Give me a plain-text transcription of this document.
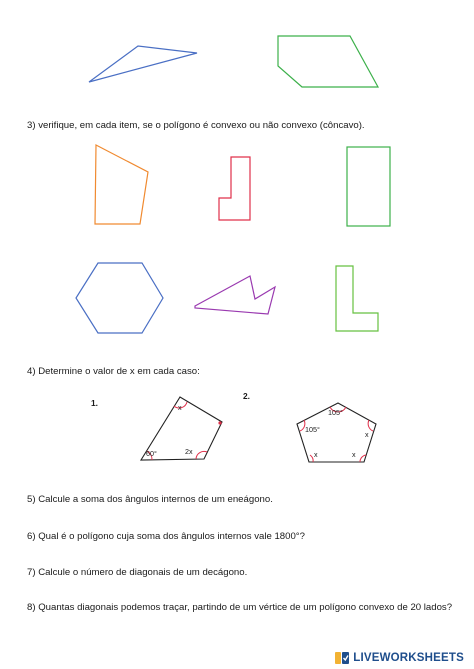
x
60°	2x
105°
105°
x
x	x
3) verifique, em cada item, se o polígono é convexo ou não convexo (côncavo).
4) Determine o valor de x em cada caso:
1.
2.
5) Calcule a soma dos ângulos internos de um eneágono.
6) Qual é o polígono cuja soma dos ângulos internos vale 1800°?
7) Calcule o número de diagonais de um decágono.
8) Quantas diagonais podemos traçar, partindo de um vértice de um polígono convexo de 20 lados?
LIVEWORKSHEETS
